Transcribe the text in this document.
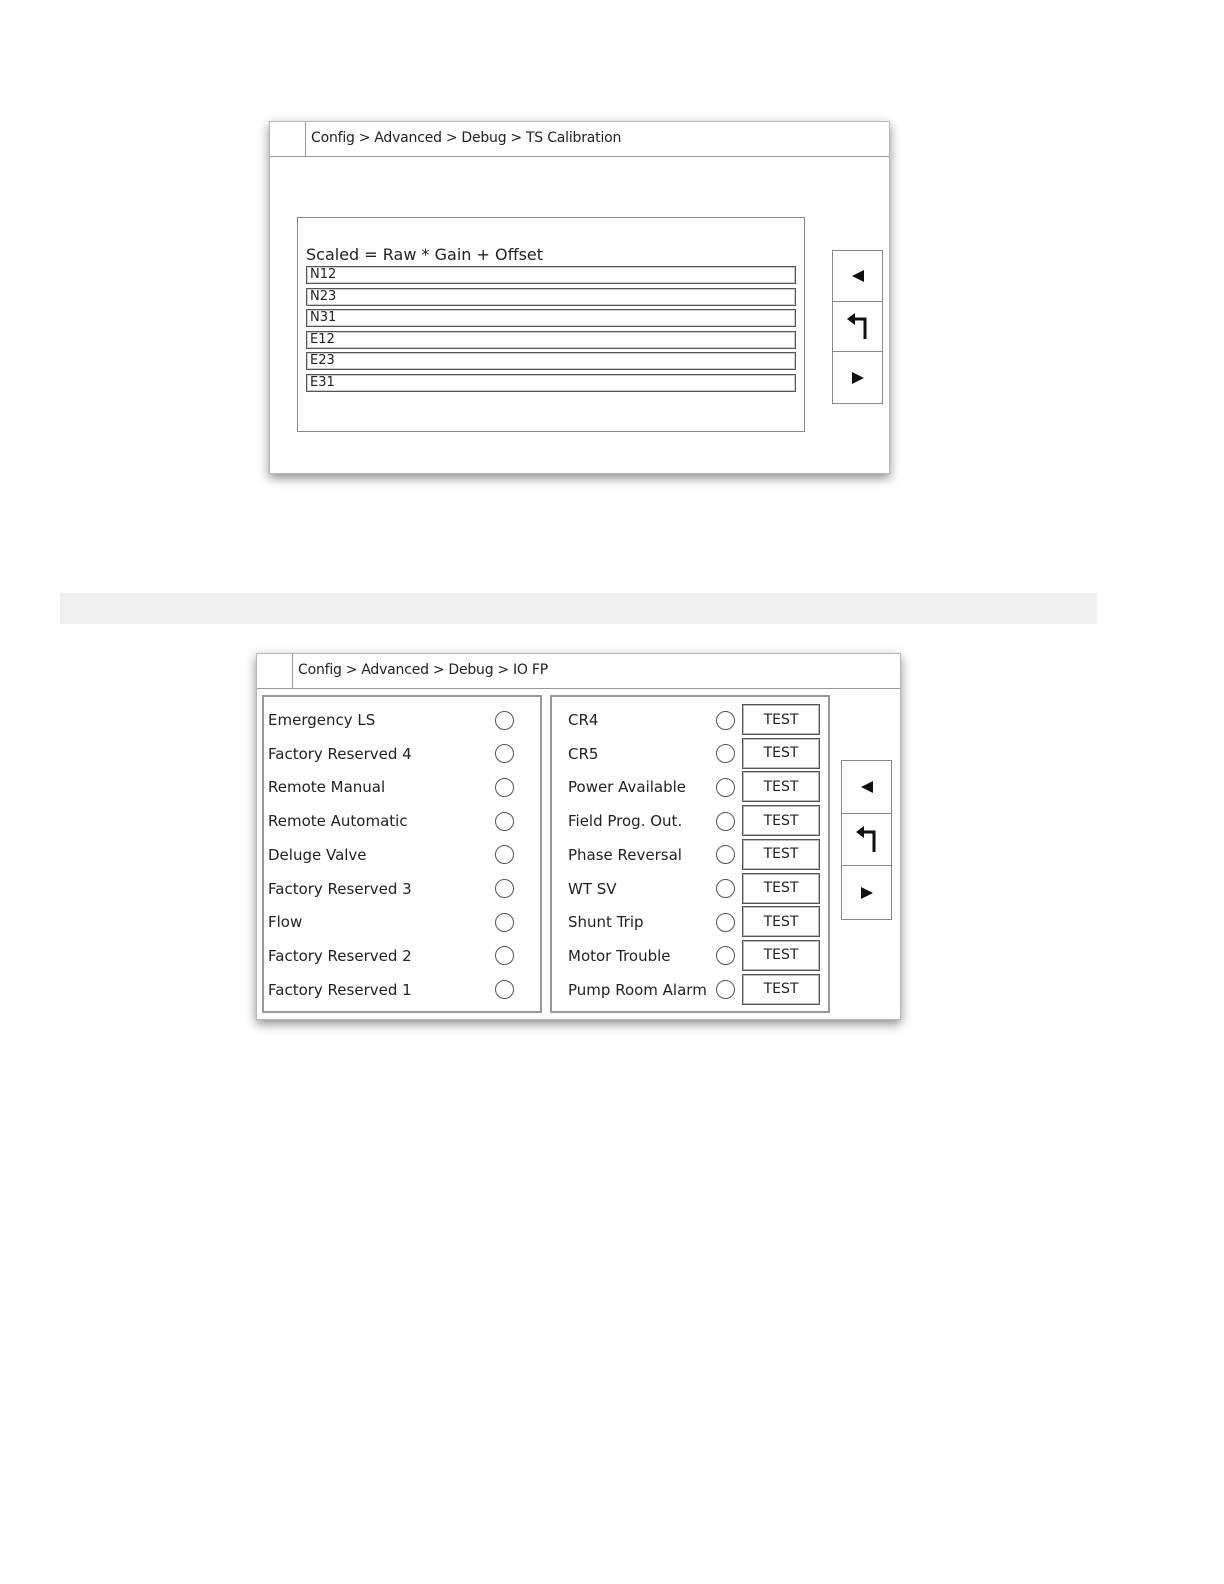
Config > Advanced > Debug > TS Calibration
Scaled = Raw * Gain + Offset
N12
N23
N31
E12
E23
E31
Config > Advanced > Debug > IO FP
Emergency LS
Factory Reserved 4
Remote Manual
Remote Automatic
Deluge Valve
Factory Reserved 3
Flow
Factory Reserved 2
Factory Reserved 1
CR4	TEST
CR5	TEST
Power Available	TEST
Field Prog. Out.	TEST
Phase Reversal	TEST
WT SV	TEST
Shunt Trip	TEST
Motor Trouble	TEST
Pump Room Alarm	TEST
